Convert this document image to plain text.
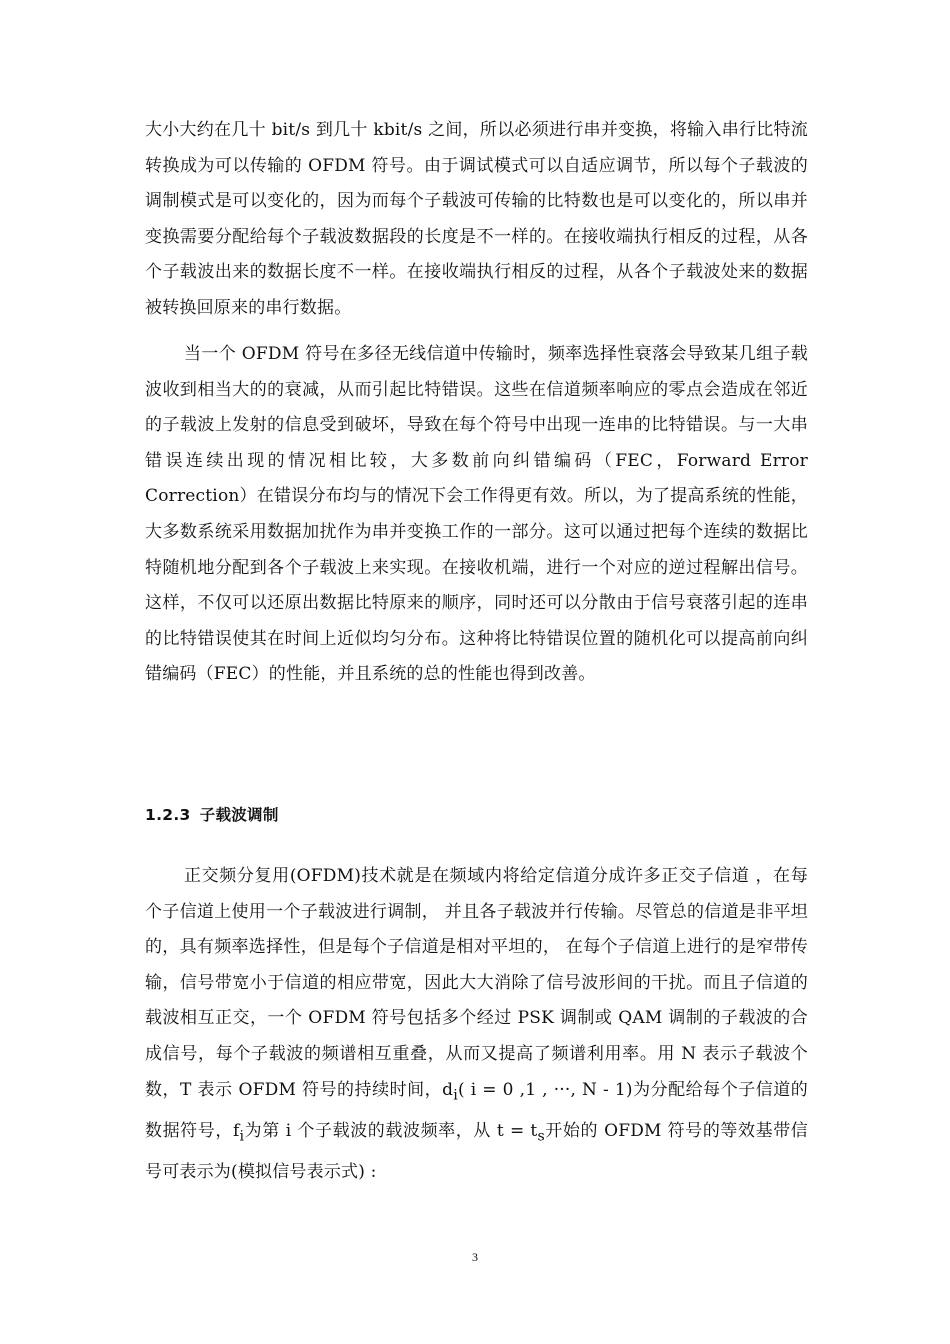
大小大约在几十 bit/s 到几十 kbit/s 之间，所以必须进行串并变换，将输入串行比特流转换成为可以传输的 OFDM 符号。由于调试模式可以自适应调节，所以每个子载波的调制模式是可以变化的，因为而每个子载波可传输的比特数也是可以变化的，所以串并变换需要分配给每个子载波数据段的长度是不一样的。在接收端执行相反的过程，从各个子载波出来的数据长度不一样。在接收端执行相反的过程，从各个子载波处来的数据被转换回原来的串行数据。

当一个 OFDM 符号在多径无线信道中传输时，频率选择性衰落会导致某几组子载波收到相当大的的衰减，从而引起比特错误。这些在信道频率响应的零点会造成在邻近的子载波上发射的信息受到破坏，导致在每个符号中出现一连串的比特错误。与一大串错误连续出现的情况相比较，大多数前向纠错编码（FEC，Forward Error Correction）在错误分布均与的情况下会工作得更有效。所以，为了提高系统的性能，大多数系统采用数据加扰作为串并变换工作的一部分。这可以通过把每个连续的数据比特随机地分配到各个子载波上来实现。在接收机端，进行一个对应的逆过程解出信号。这样，不仅可以还原出数据比特原来的顺序，同时还可以分散由于信号衰落引起的连串的比特错误使其在时间上近似均匀分布。这种将比特错误位置的随机化可以提高前向纠错编码（FEC）的性能，并且系统的总的性能也得到改善。

1.2.3 子载波调制

正交频分复用(OFDM)技术就是在频域内将给定信道分成许多正交子信道 ，在每个子信道上使用一个子载波进行调制， 并且各子载波并行传输。尽管总的信道是非平坦的，具有频率选择性，但是每个子信道是相对平坦的， 在每个子信道上进行的是窄带传输，信号带宽小于信道的相应带宽，因此大大消除了信号波形间的干扰。而且子信道的载波相互正交，一个 OFDM 符号包括多个经过 PSK 调制或 QAM 调制的子载波的合成信号，每个子载波的频谱相互重叠，从而又提高了频谱利用率。用 N 表示子载波个数，T 表示 OFDM 符号的持续时间，$d_i$( i = 0 ,1 , ···, N - 1)为分配给每个子信道的数据符号，$f_i$为第 i 个子载波的载波频率，从 $t = t_s$开始的 OFDM 符号的等效基带信号可表示为(模拟信号表示式) :

3
